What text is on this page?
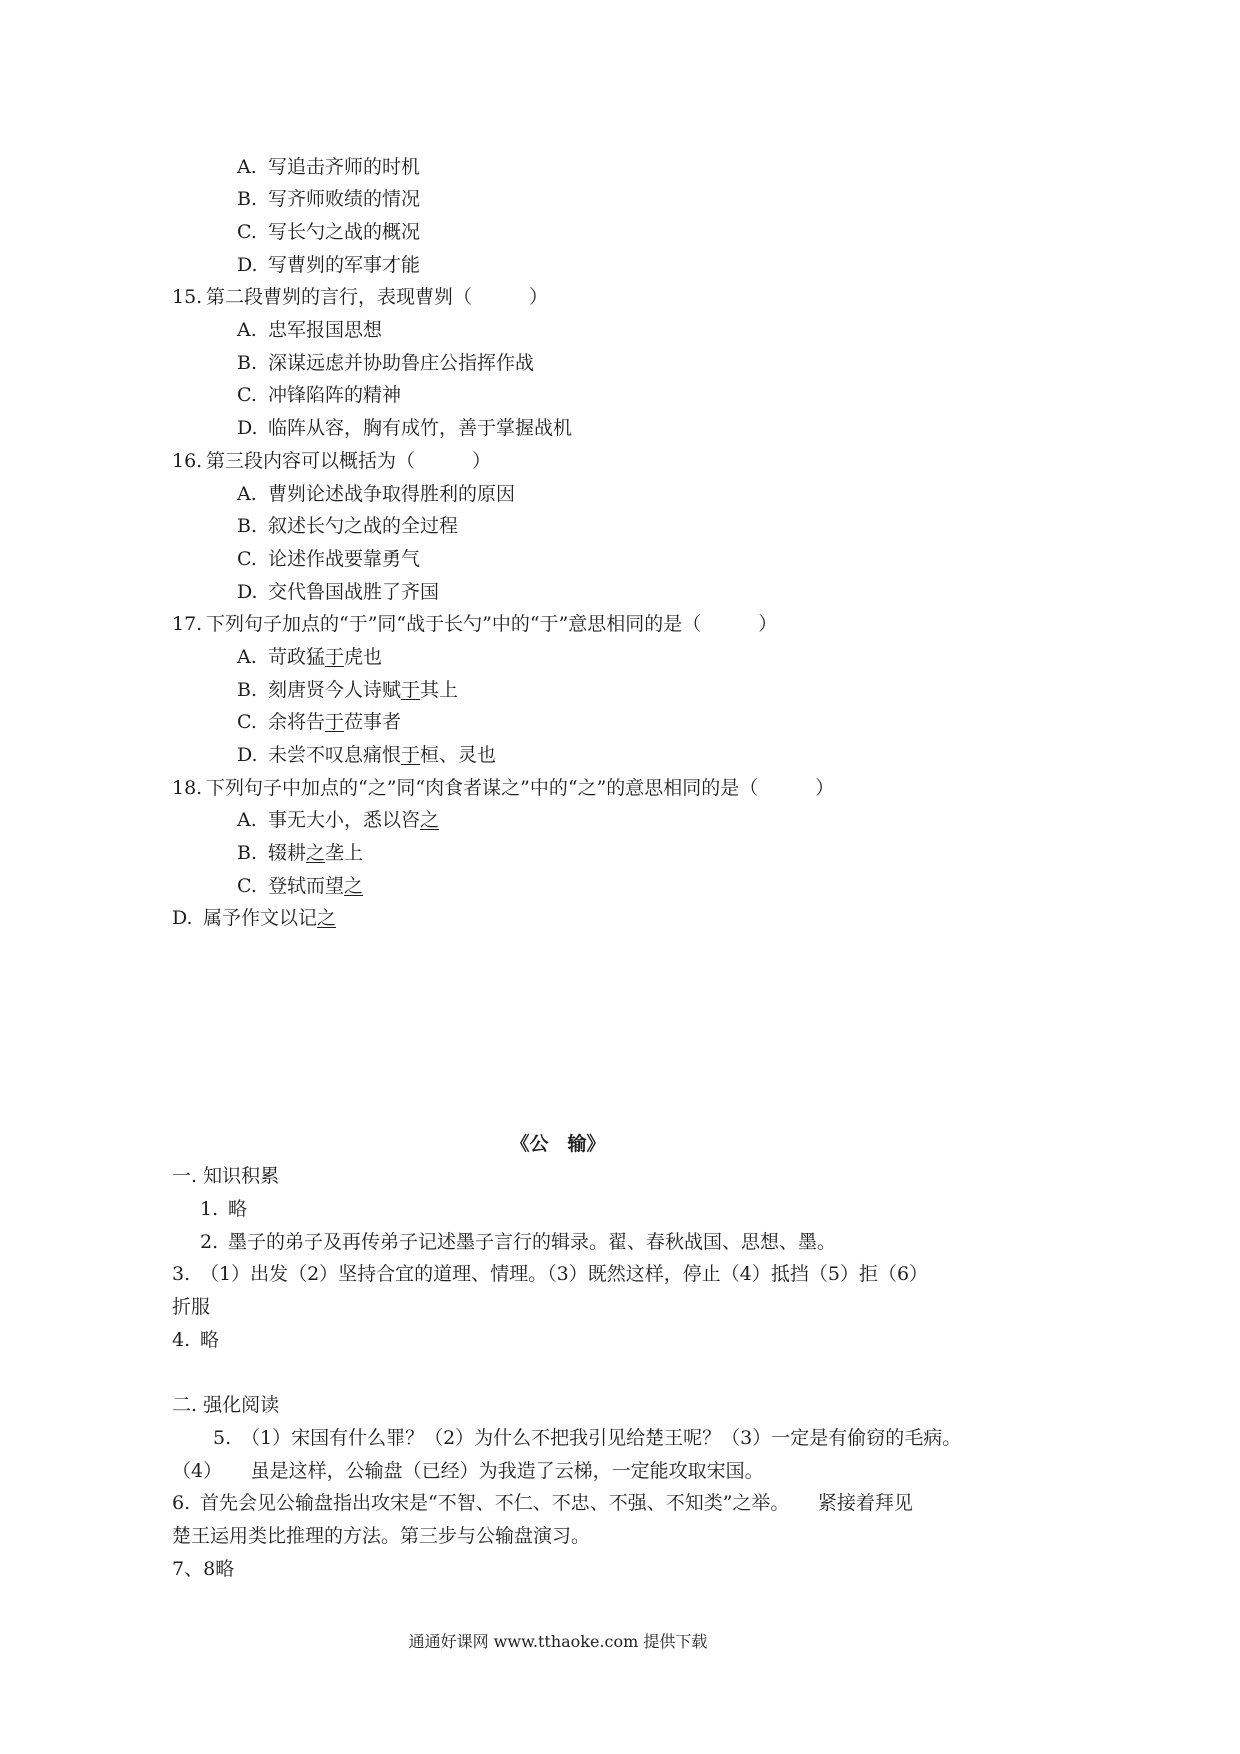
A. 写追击齐师的时机
B. 写齐师败绩的情况
C. 写长勺之战的概况
D. 写曹刿的军事才能
15. 第二段曹刿的言行，表现曹刿（　　　）
A. 忠军报国思想
B. 深谋远虑并协助鲁庄公指挥作战
C. 冲锋陷阵的精神
D. 临阵从容，胸有成竹，善于掌握战机
16. 第三段内容可以概括为（　　　）
A. 曹刿论述战争取得胜利的原因
B. 叙述长勺之战的全过程
C. 论述作战要靠勇气
D. 交代鲁国战胜了齐国
17. 下列句子加点的“于”同“战于长勺”中的“于”意思相同的是（　　　）
A. 苛政猛于虎也
B. 刻唐贤今人诗赋于其上
C. 余将告于莅事者
D. 未尝不叹息痛恨于桓、灵也
18. 下列句子中加点的“之”同“肉食者谋之”中的“之”的意思相同的是（　　　）
A. 事无大小，悉以咨之
B. 辍耕之垄上
C. 登轼而望之
D. 属予作文以记之
《公　输》
一. 知识积累
1. 略
2. 墨子的弟子及再传弟子记述墨子言行的辑录。翟、春秋战国、思想、墨。
3. （1）出发（2）坚持合宜的道理、情理。（3）既然这样，停止（4）抵挡（5）拒（6）
折服
4. 略
二. 强化阅读
5. （1）宋国有什么罪？（2）为什么不把我引见给楚王呢？（3）一定是有偷窃的毛病。
（4）　　虽是这样，公输盘（已经）为我造了云梯，一定能攻取宋国。
6. 首先会见公输盘指出攻宋是“不智、不仁、不忠、不强、不知类”之举。　　紧接着拜见
楚王运用类比推理的方法。第三步与公输盘演习。
7、8略
通通好课网 www.tthaoke.com 提供下载
